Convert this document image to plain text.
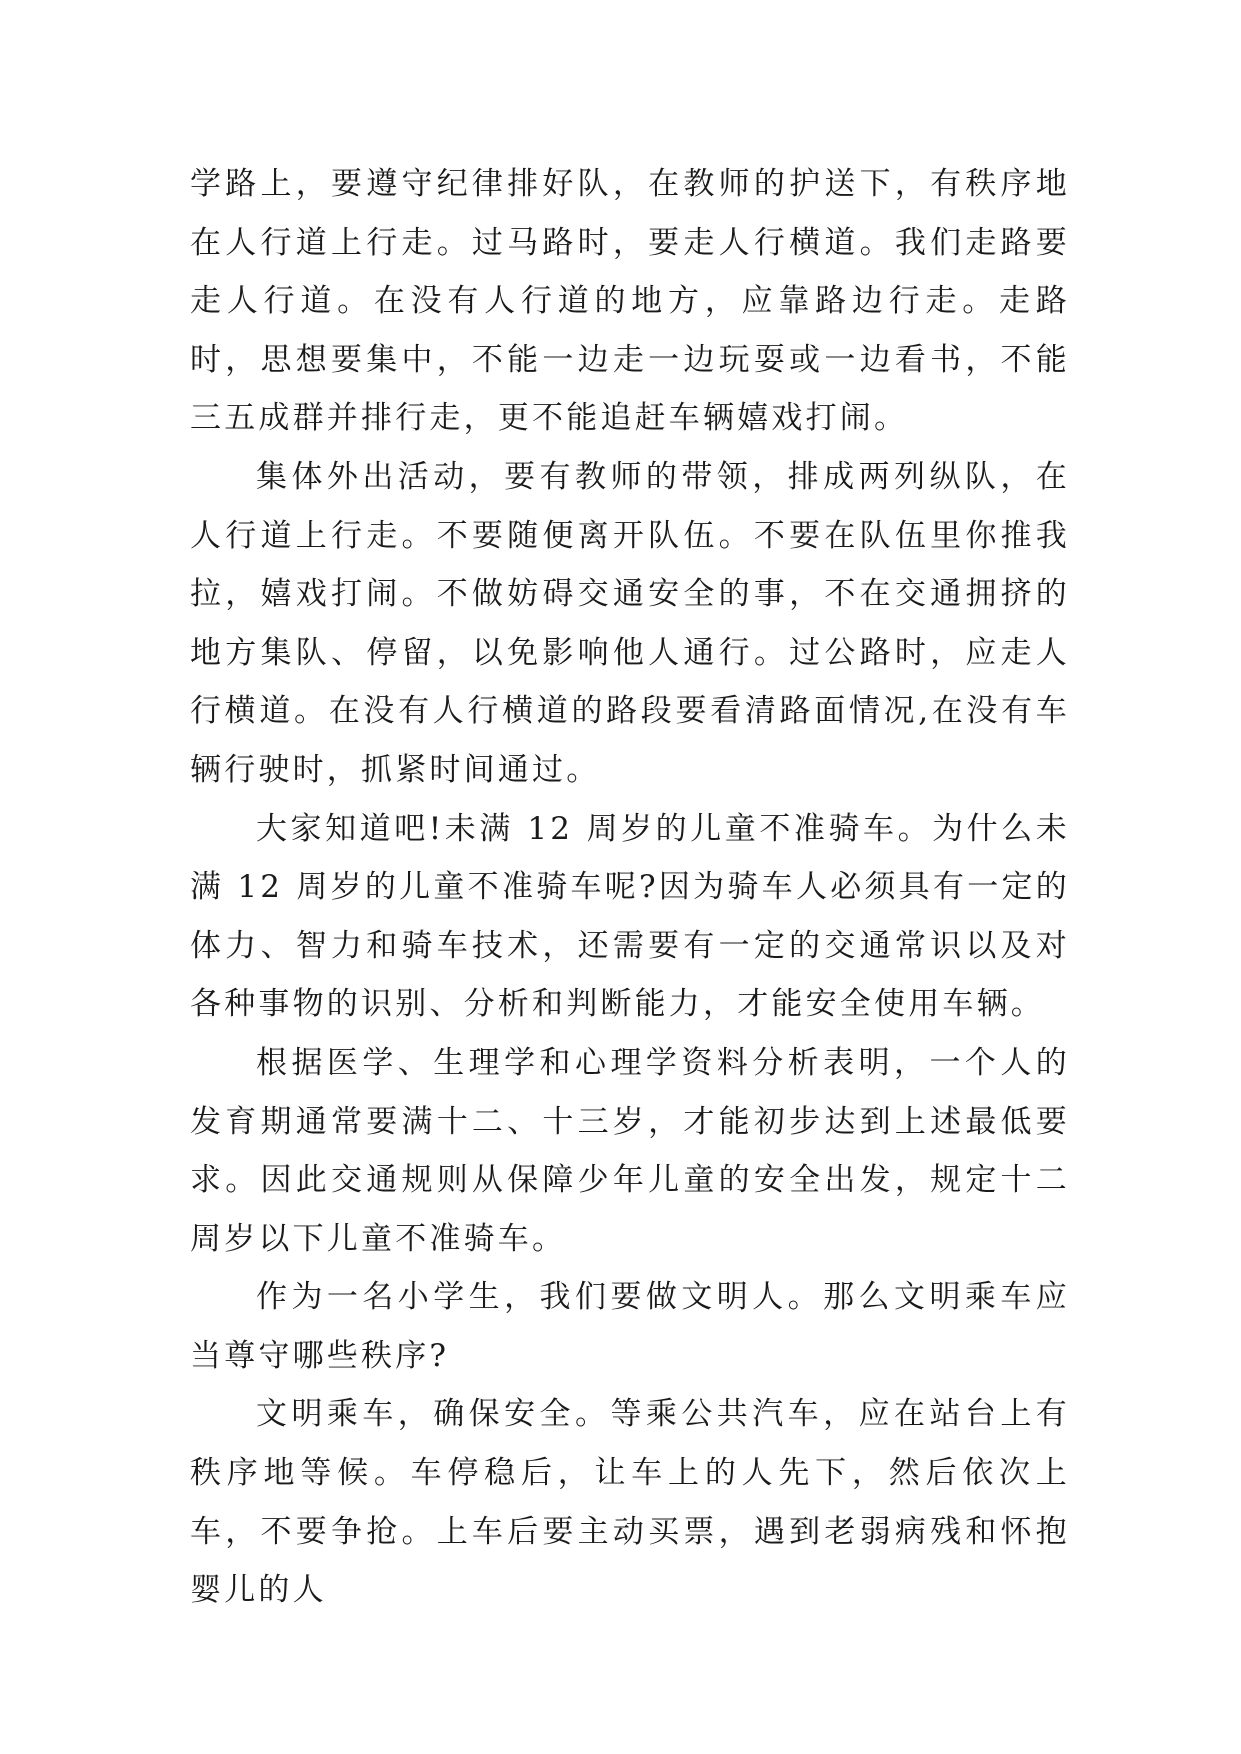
学路上，要遵守纪律排好队，在教师的护送下，有秩序地在人行道上行走。过马路时，要走人行横道。我们走路要走人行道。在没有人行道的地方，应靠路边行走。走路时，思想要集中，不能一边走一边玩耍或一边看书，不能三五成群并排行走，更不能追赶车辆嬉戏打闹。

集体外出活动，要有教师的带领，排成两列纵队，在人行道上行走。不要随便离开队伍。不要在队伍里你推我拉，嬉戏打闹。不做妨碍交通安全的事，不在交通拥挤的地方集队、停留，以免影响他人通行。过公路时，应走人行横道。在没有人行横道的路段要看清路面情况,在没有车辆行驶时，抓紧时间通过。

大家知道吧!未满 12 周岁的儿童不准骑车。为什么未满 12 周岁的儿童不准骑车呢?因为骑车人必须具有一定的体力、智力和骑车技术，还需要有一定的交通常识以及对各种事物的识别、分析和判断能力，才能安全使用车辆。

根据医学、生理学和心理学资料分析表明，一个人的发育期通常要满十二、十三岁，才能初步达到上述最低要求。因此交通规则从保障少年儿童的安全出发，规定十二周岁以下儿童不准骑车。

作为一名小学生，我们要做文明人。那么文明乘车应当尊守哪些秩序?

文明乘车，确保安全。等乘公共汽车，应在站台上有秩序地等候。车停稳后，让车上的人先下，然后依次上车，不要争抢。上车后要主动买票，遇到老弱病残和怀抱婴儿的人
